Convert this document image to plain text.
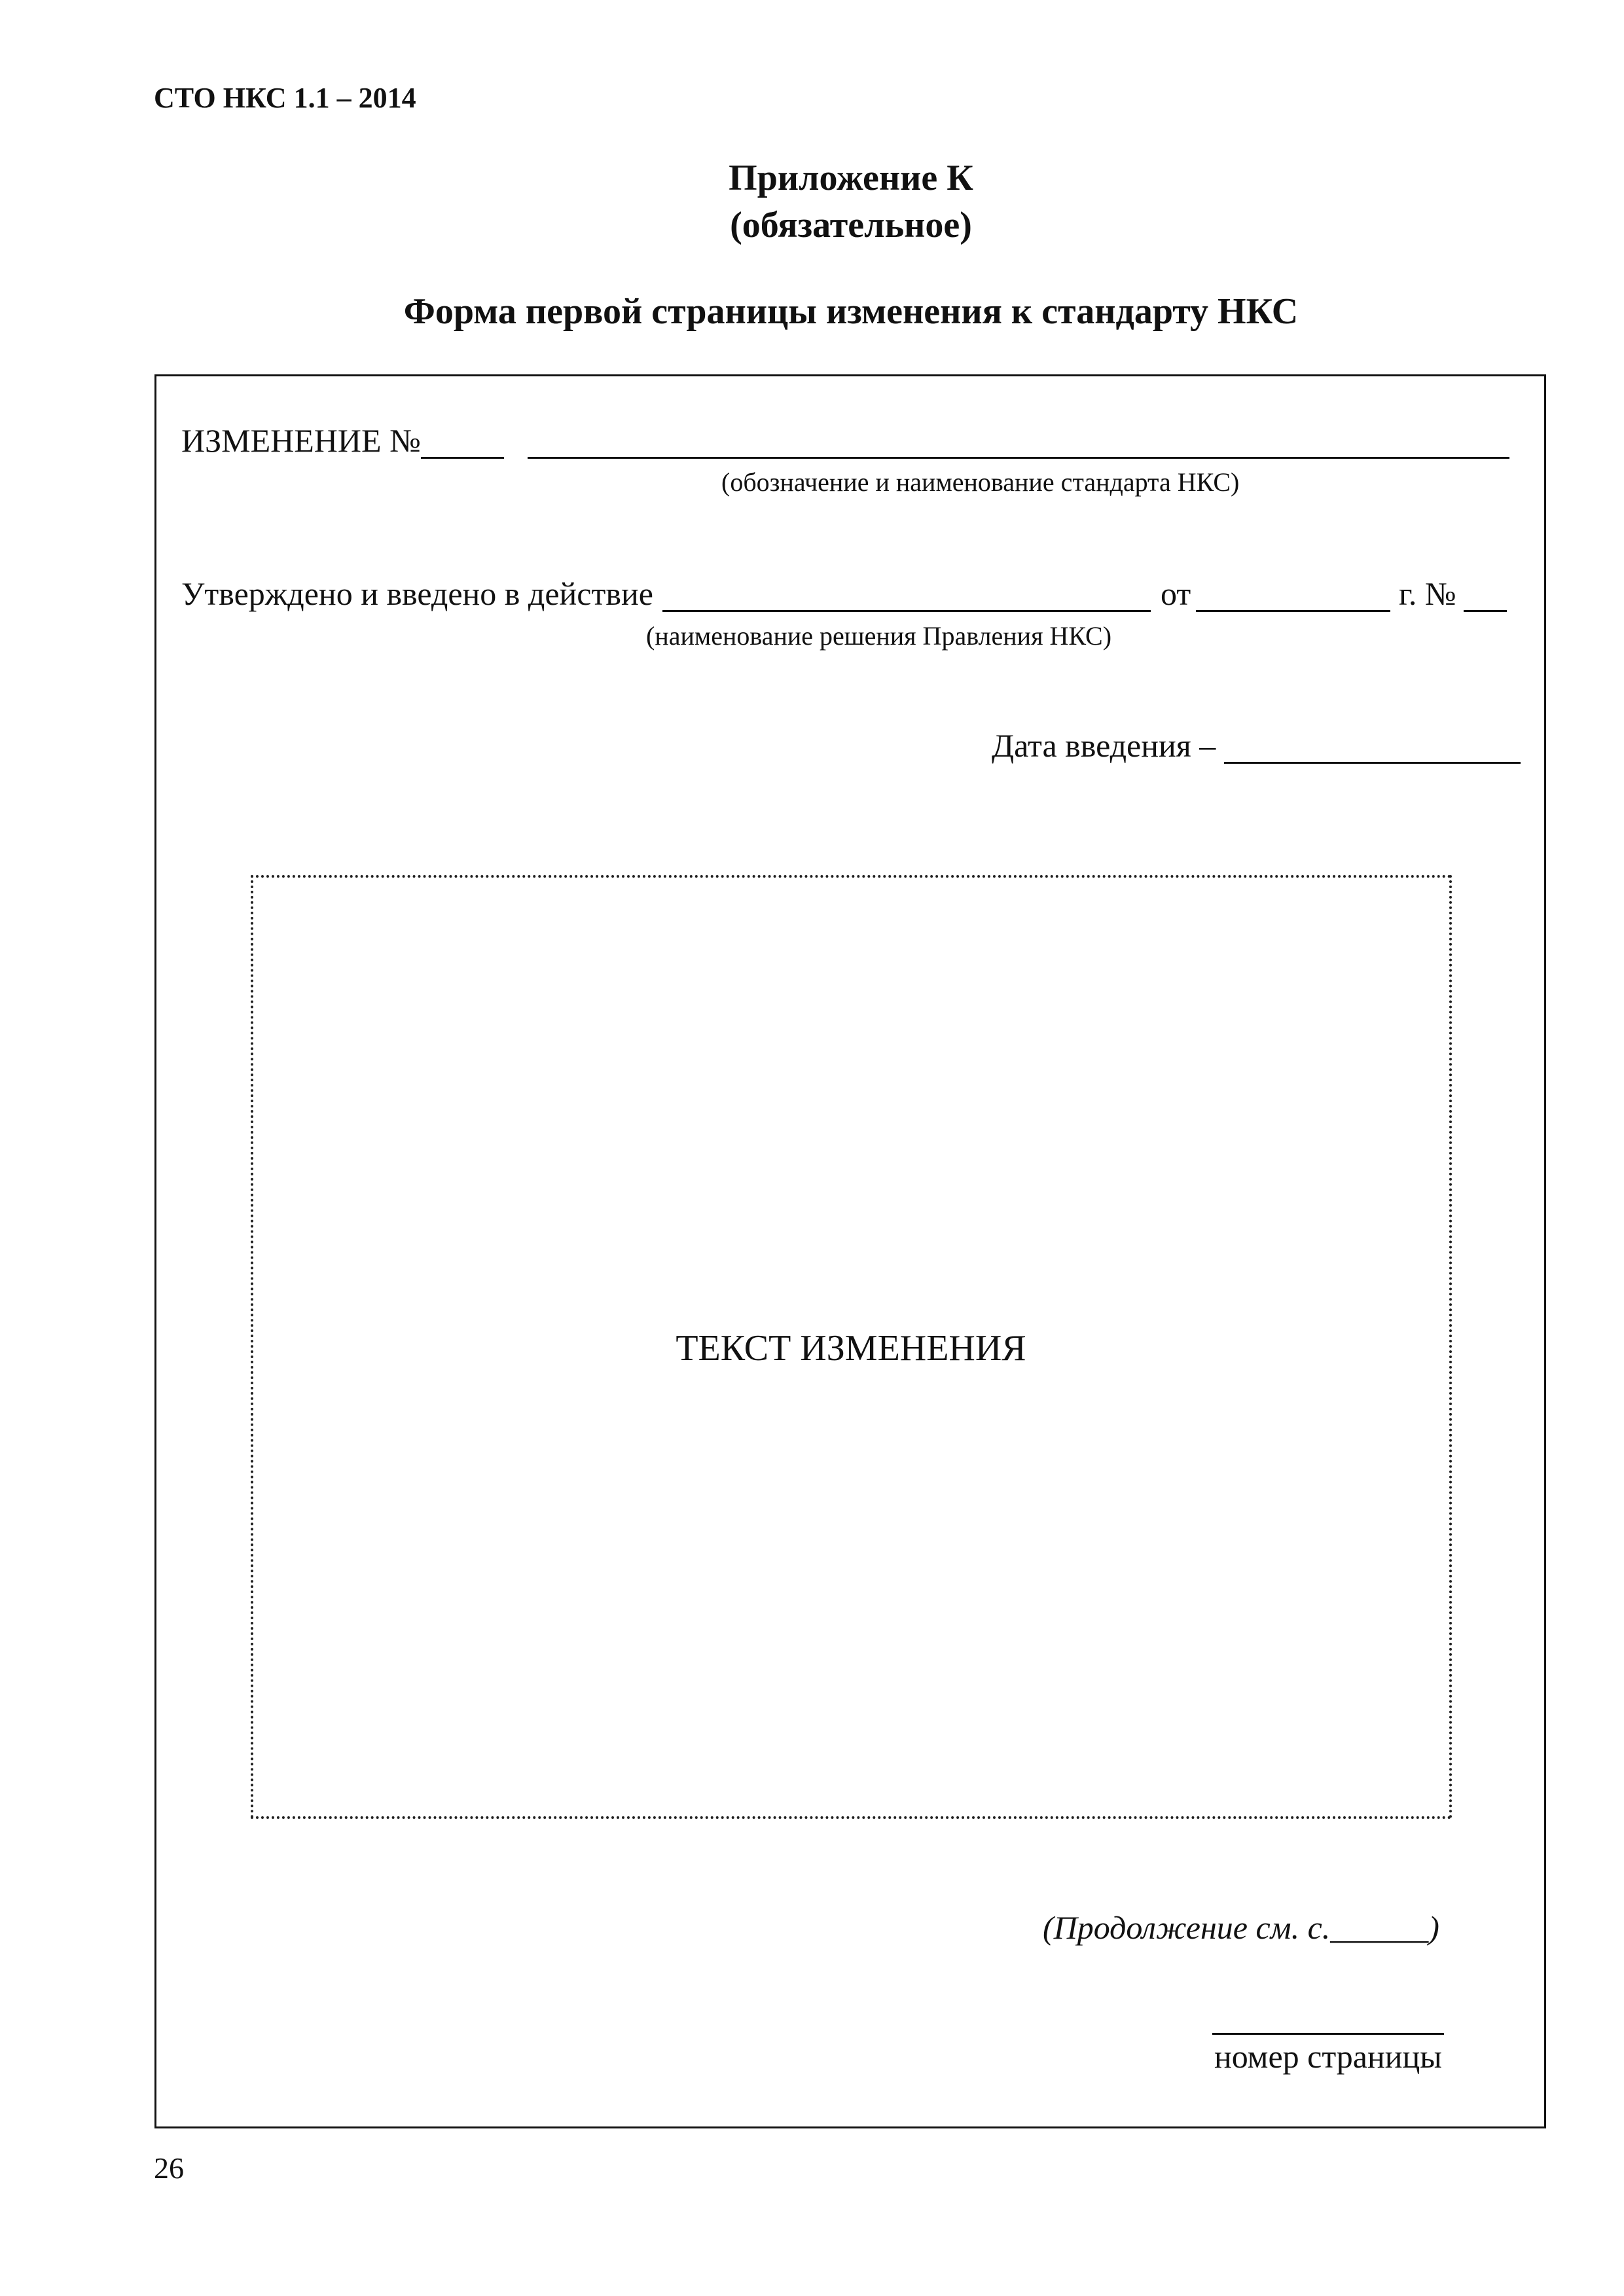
СТО НКС 1.1 – 2014
Приложение К
(обязательное)
Форма первой страницы изменения к стандарту НКС
ИЗМЕНЕНИЕ №
(обозначение и наименование стандарта НКС)
Утверждено и введено в действие	от	г. №
(наименование решения Правления НКС)
Дата введения –
ТЕКСТ ИЗМЕНЕНИЯ
(Продолжение см. с.______)
номер страницы
26
